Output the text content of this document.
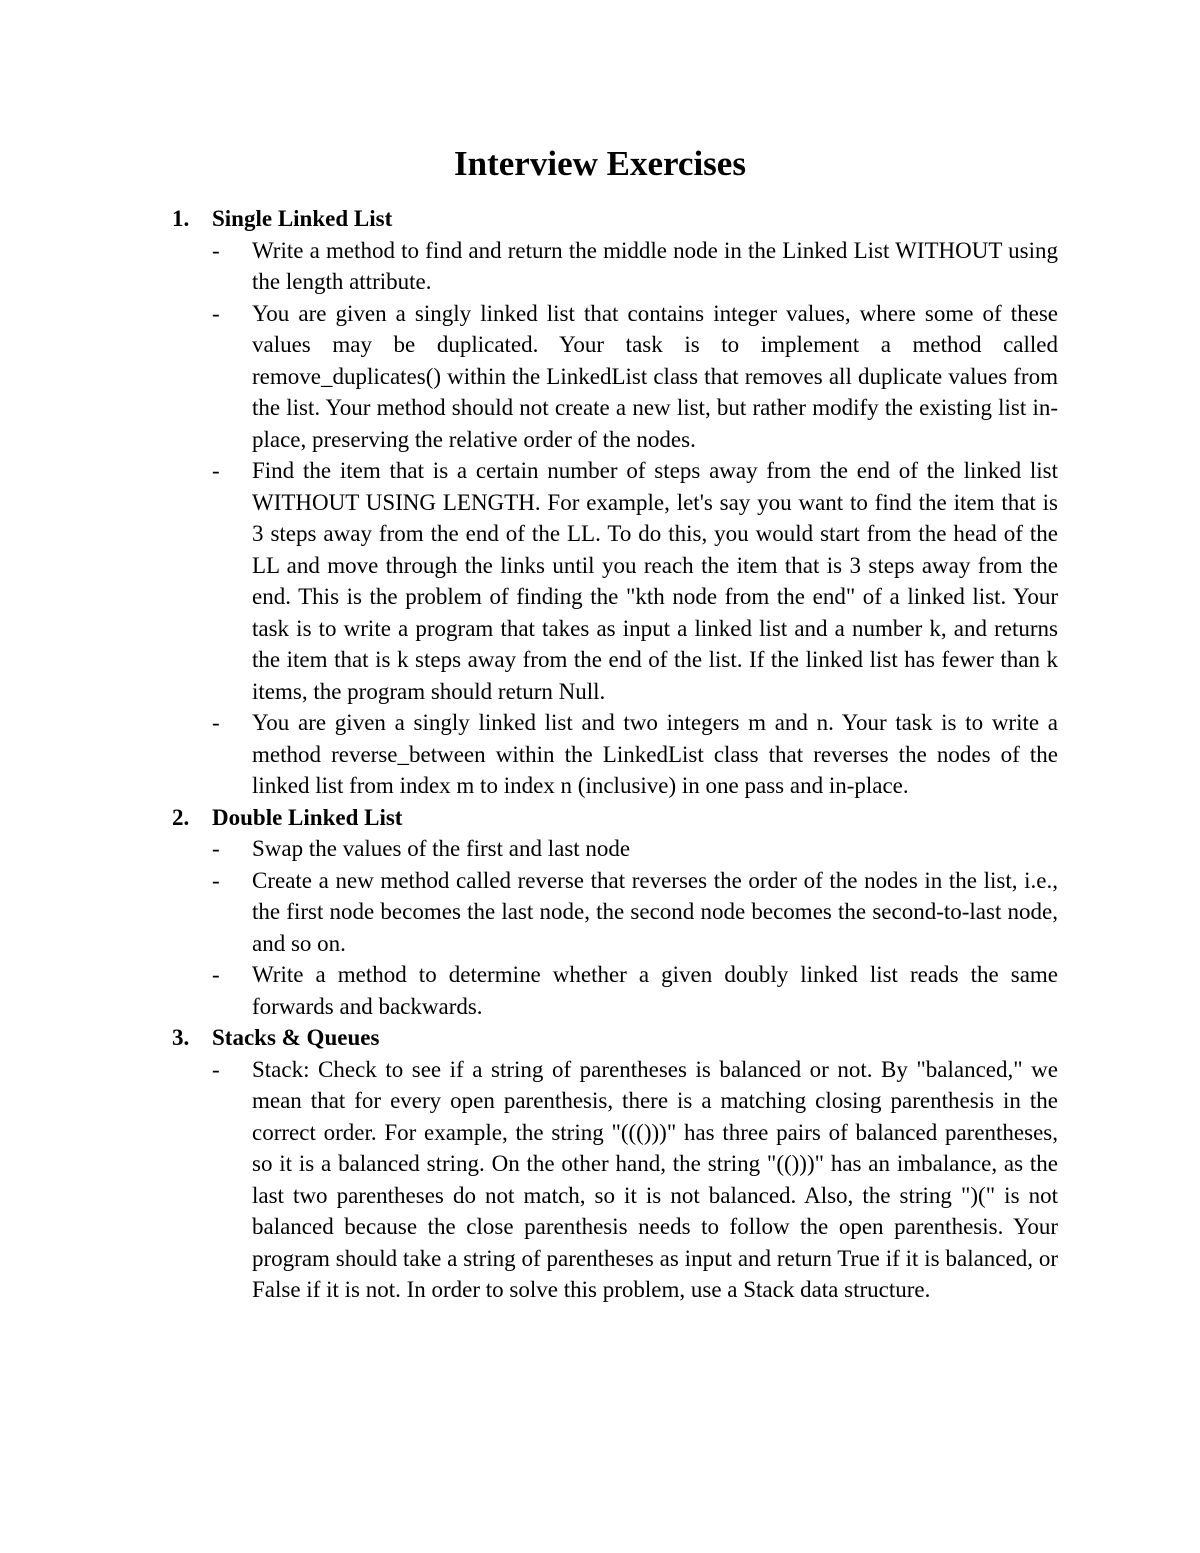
Interview Exercises
1. Single Linked List
-	Write a method to find and return the middle node in the Linked List WITHOUT using the length attribute.
-	You are given a singly linked list that contains integer values, where some of these values may be duplicated. Your task is to implement a method called remove_duplicates() within the LinkedList class that removes all duplicate values from the list. Your method should not create a new list, but rather modify the existing list in-place, preserving the relative order of the nodes.
-	Find the item that is a certain number of steps away from the end of the linked list WITHOUT USING LENGTH. For example, let's say you want to find the item that is 3 steps away from the end of the LL. To do this, you would start from the head of the LL and move through the links until you reach the item that is 3 steps away from the end. This is the problem of finding the "kth node from the end" of a linked list. Your task is to write a program that takes as input a linked list and a number k, and returns the item that is k steps away from the end of the list. If the linked list has fewer than k items, the program should return Null.
-	You are given a singly linked list and two integers m and n. Your task is to write a method reverse_between within the LinkedList class that reverses the nodes of the linked list from index m to index n (inclusive) in one pass and in-place.
2. Double Linked List
-	Swap the values of the first and last node
-	Create a new method called reverse that reverses the order of the nodes in the list, i.e., the first node becomes the last node, the second node becomes the second-to-last node, and so on.
-	Write a method to determine whether a given doubly linked list reads the same forwards and backwards.
3. Stacks & Queues
-	Stack: Check to see if a string of parentheses is balanced or not. By "balanced," we mean that for every open parenthesis, there is a matching closing parenthesis in the correct order. For example, the string "((()))" has three pairs of balanced parentheses, so it is a balanced string. On the other hand, the string "(()))" has an imbalance, as the last two parentheses do not match, so it is not balanced. Also, the string ")(" is not balanced because the close parenthesis needs to follow the open parenthesis. Your program should take a string of parentheses as input and return True if it is balanced, or False if it is not. In order to solve this problem, use a Stack data structure.
